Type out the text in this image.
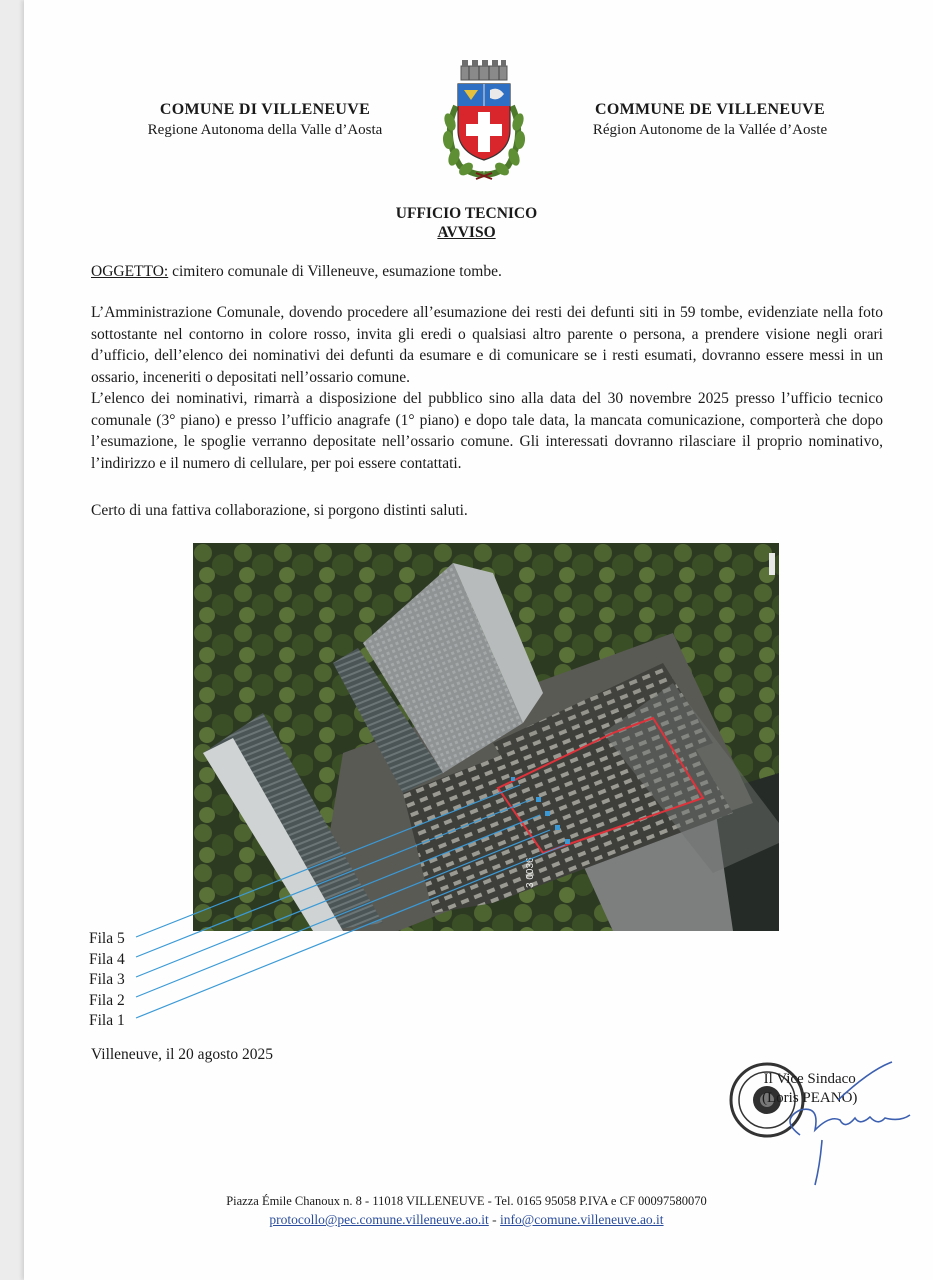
COMUNE DI VILLENEUVE
Regione Autonoma della Valle d’Aosta
COMMUNE DE VILLENEUVE
Région Autonome de la Vallée d’Aoste
UFFICIO TECNICO
AVVISO
OGGETTO: cimitero comunale di Villeneuve, esumazione tombe.

L’Amministrazione Comunale, dovendo procedere all’esumazione dei resti dei defunti siti in 59 tombe, evidenziate nella foto sottostante nel contorno in colore rosso, invita gli eredi o qualsiasi altro parente o persona, a prendere visione negli orari d’ufficio, dell’elenco dei nominativi dei defunti da esumare e di comunicare se i resti esumati, dovranno essere messi in un ossario, inceneriti o depositati nell’ossario comune.

L’elenco dei nominativi, rimarrà a disposizione del pubblico sino alla data del 30 novembre 2025 presso l’ufficio tecnico comunale (3° piano) e presso l’ufficio anagrafe (1° piano) e dopo tale data, la mancata comunicazione, comporterà che dopo l’esumazione, le spoglie verranno depositate nell’ossario comune. Gli interessati dovranno rilasciare il proprio nominativo, l’indirizzo e il numero di cellulare, per poi essere contattati.

Certo di una fattiva collaborazione, si porgono distinti saluti.
3 0036
Fila 5
Fila 4
Fila 3
Fila 2
Fila 1
Villeneuve, il 20 agosto 2025
Il Vice Sindaco
(Loris PEANO)
Piazza Émile Chanoux n. 8 - 11018 VILLENEUVE - Tel. 0165 95058 P.IVA e CF 00097580070
protocollo@pec.comune.villeneuve.ao.it - info@comune.villeneuve.ao.it
